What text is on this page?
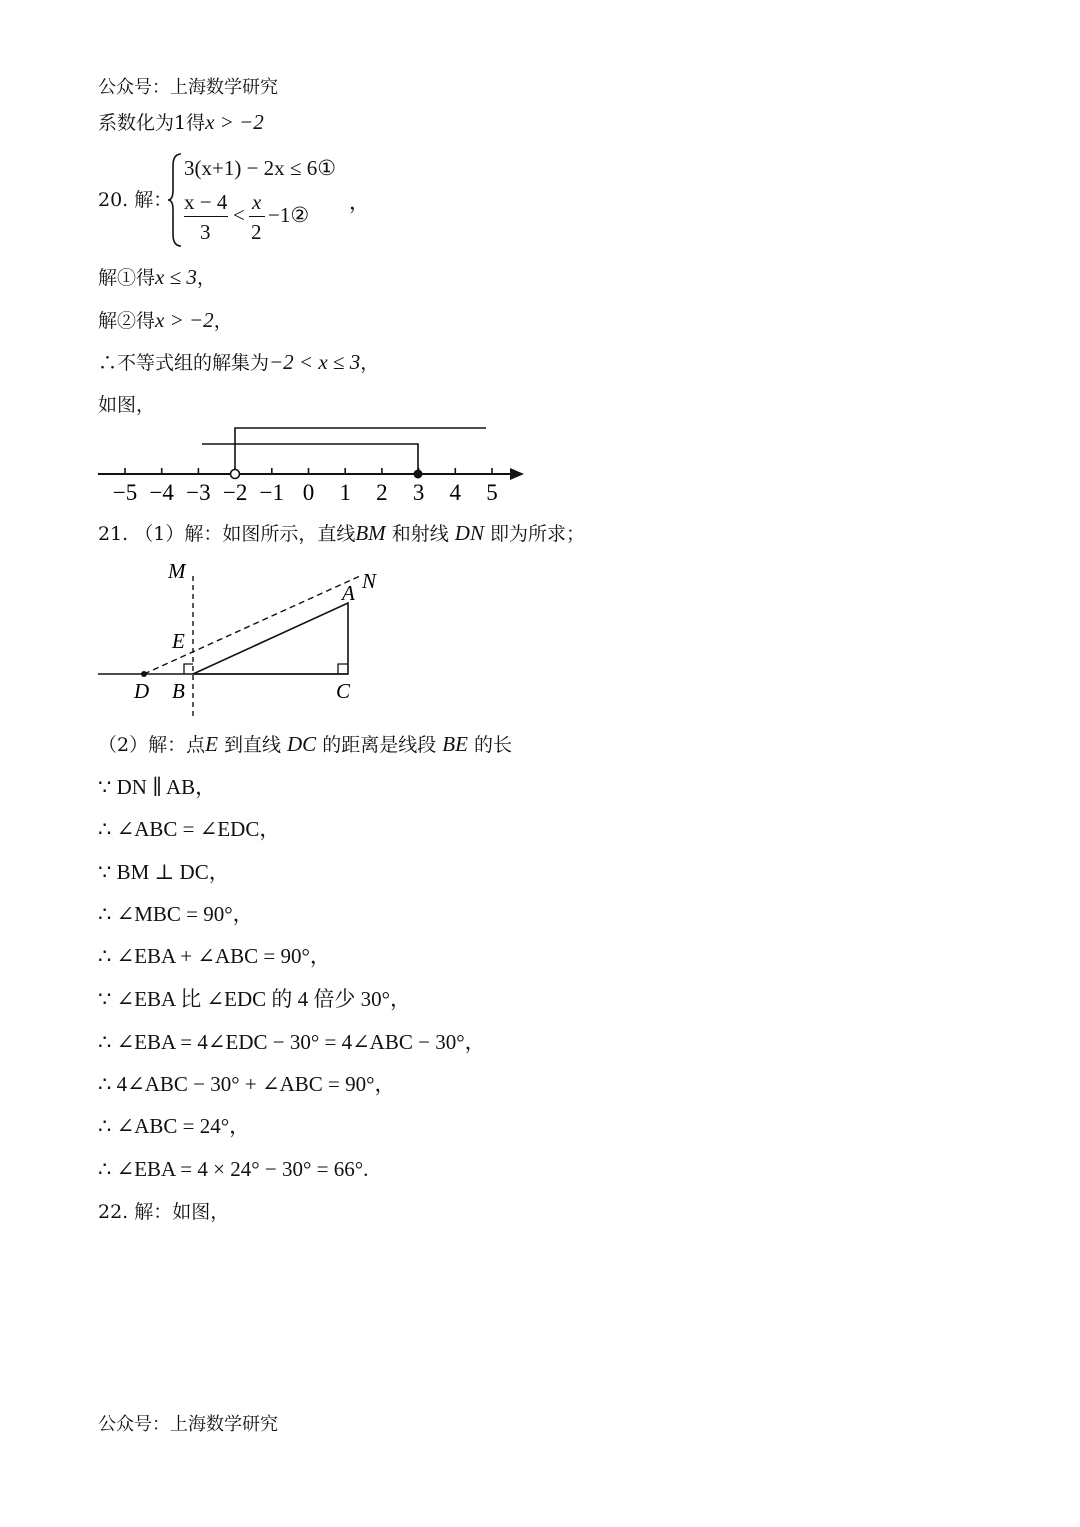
公众号：上海数学研究
系数化为1得x > −2
20. 解：
3(x+1) − 2x ≤ 6①
x − 4
3
<
x
2
−1②
，
解①得x ≤ 3，
解②得x > −2，
∴不等式组的解集为−2 < x ≤ 3，
如图，
−5 −4 −3 −2 −1 0 1 2 3 4 5
21. （1）解：如图所示，直线BM 和射线 DN 即为所求；
M	N
A
E
D B	C
（2）解：点E 到直线 DC 的距离是线段 BE 的长
∵ DN ∥ AB，
∴ ∠ABC = ∠EDC，
∵ BM ⊥ DC，
∴ ∠MBC = 90°，
∴ ∠EBA + ∠ABC = 90°，
∵ ∠EBA 比 ∠EDC 的 4 倍少 30°，
∴ ∠EBA = 4∠EDC − 30° = 4∠ABC − 30°，
∴ 4∠ABC − 30° + ∠ABC = 90°，
∴ ∠ABC = 24°，
∴ ∠EBA = 4 × 24° − 30° = 66°.
22. 解：如图，
公众号：上海数学研究
